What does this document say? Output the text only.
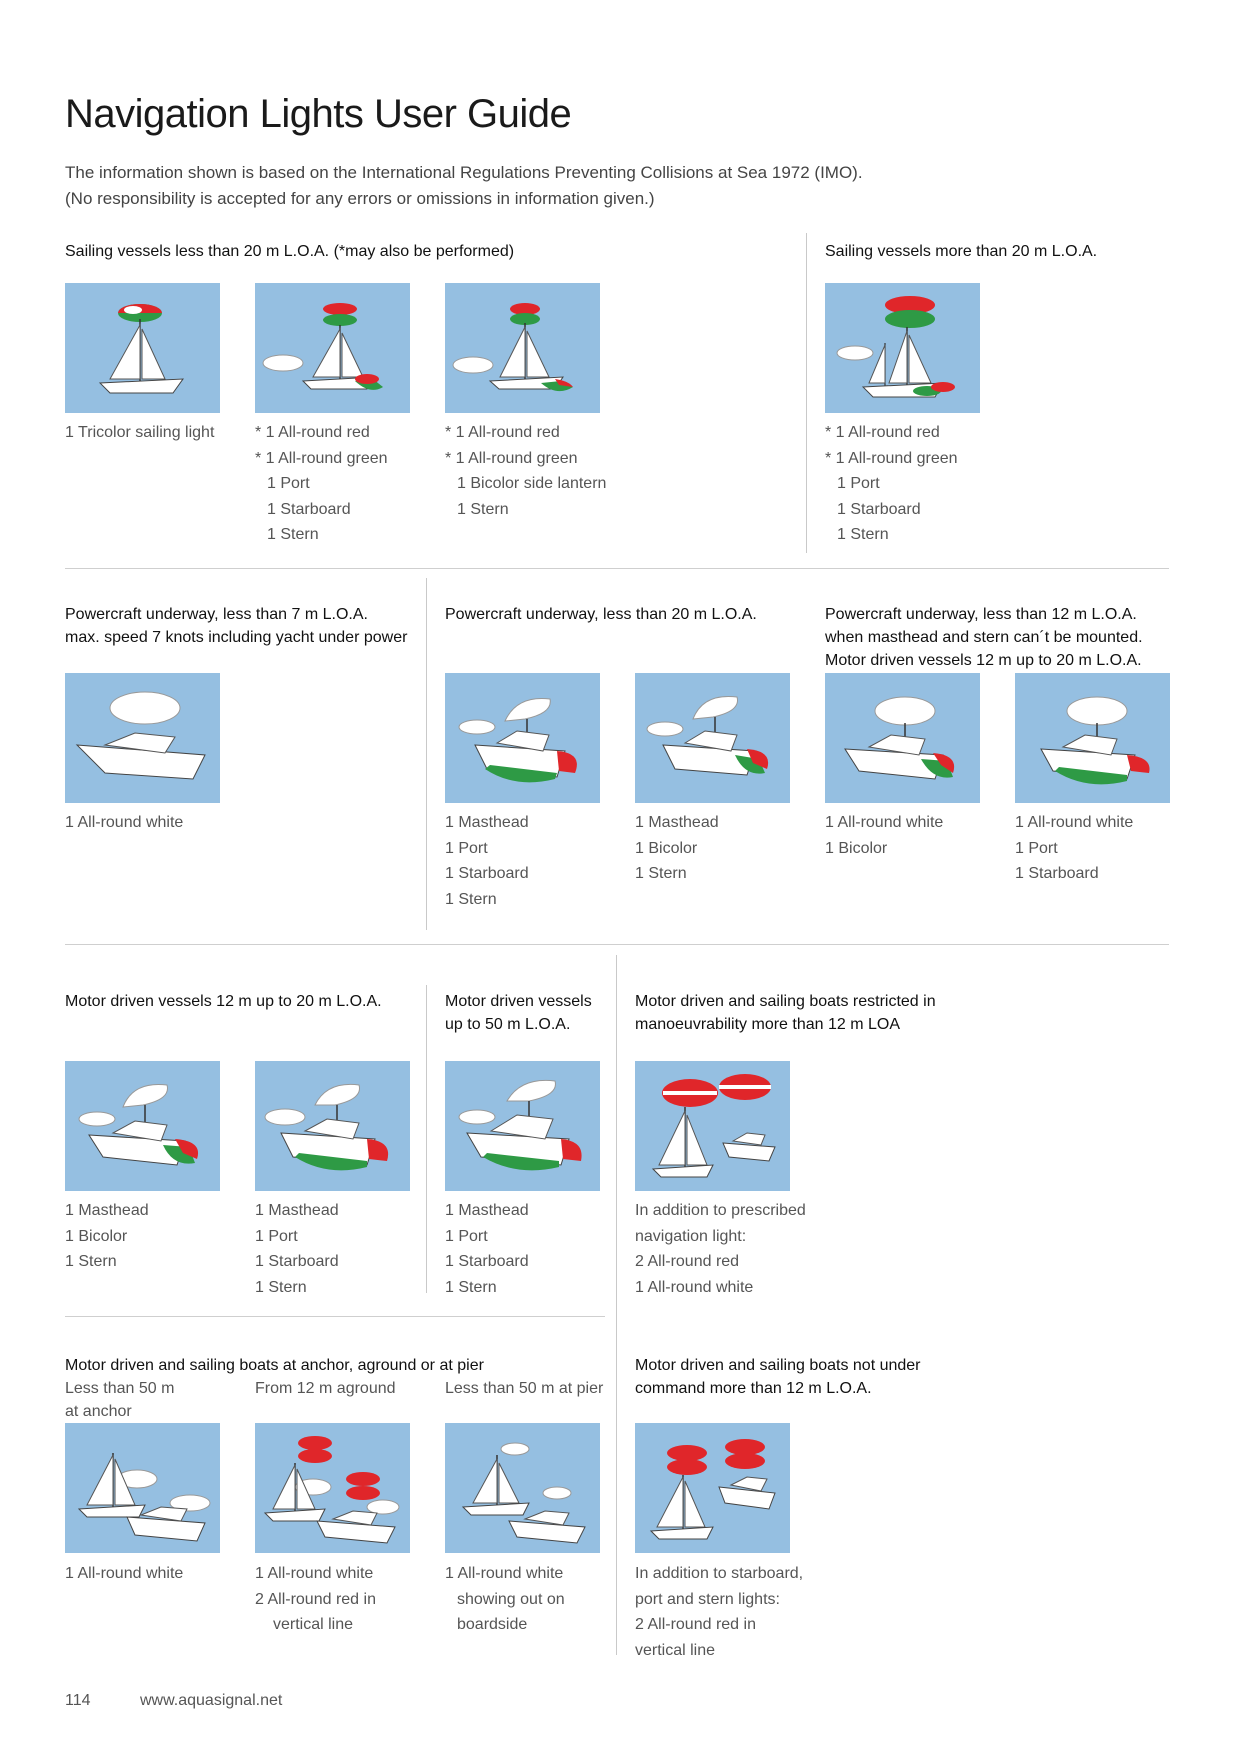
Navigation Lights User Guide
The information shown is based on the International Regulations Preventing Collisions at Sea 1972 (IMO).
(No responsibility is accepted for any errors or omissions in information given.)
Sailing vessels less than 20 m L.O.A. (*may also be performed)	Sailing vessels more than 20 m L.O.A.
1 Tricolor sailing light	* 1 All-round red
* 1 All-round green
1 Port
1 Starboard
1 Stern
* 1 All-round red
* 1 All-round green
1 Bicolor side lantern
1 Stern
* 1 All-round red
* 1 All-round green
1 Port
1 Starboard
1 Stern
Powercraft underway, less than 7 m L.O.A.
max. speed 7 knots including yacht under power
Powercraft underway, less than 20 m L.O.A.	Powercraft underway, less than 12 m L.O.A.
when masthead and stern can´t be mounted.
Motor driven vessels 12 m up to 20 m L.O.A.
1 All-round white	1 Masthead
1 Port
1 Starboard
1 Stern
1 Masthead
1 Bicolor
1 Stern
1 All-round white
1 Bicolor
1 All-round white
1 Port
1 Starboard
Motor driven vessels 12 m up to 20 m L.O.A.	Motor driven vessels
up to 50 m L.O.A.
Motor driven and sailing boats restricted in
manoeuvrability more than 12 m LOA
1 Masthead
1 Bicolor
1 Stern
1 Masthead
1 Port
1 Starboard
1 Stern
1 Masthead
1 Port
1 Starboard
1 Stern
In addition to prescribed
navigation light:
2 All-round red
1 All-round white
Motor driven and sailing boats at anchor, aground or at pier
Less than 50 m
at anchor
From 12 m aground	Less than 50 m at pier
Motor driven and sailing boats not under
command more than 12 m L.O.A.
1 All-round white	1 All-round white
2 All-round red in
vertical line
1 All-round white
showing out on
boardside
In addition to starboard,
port and stern lights:
2 All-round red in
vertical line
114	www.aquasignal.net
